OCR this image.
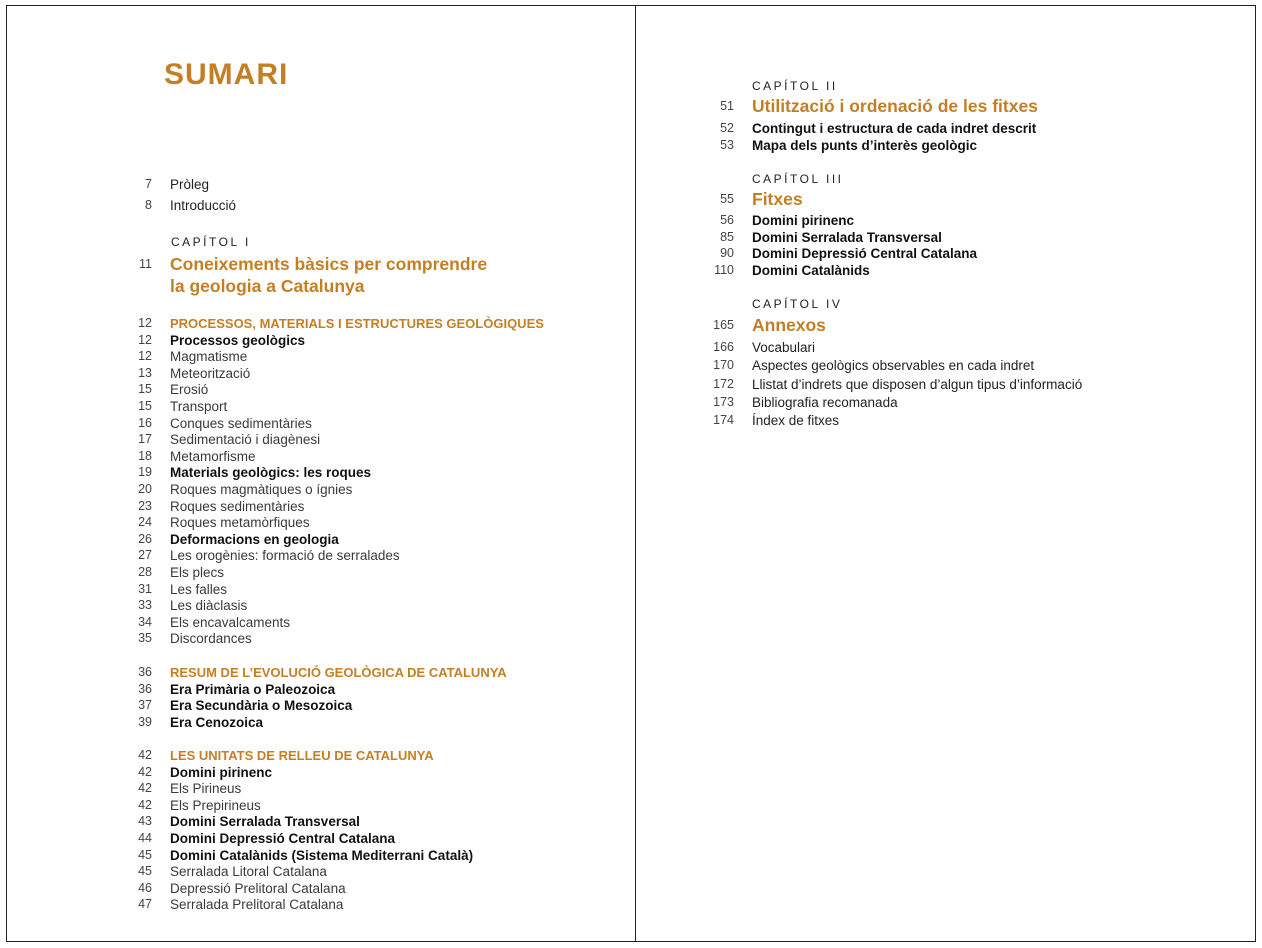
SUMARI
7 Pròleg
8 Introducció
CAPÍTOL I
11 Coneixements bàsics per comprendre
la geologia a Catalunya
12 PROCESSOS, MATERIALS I ESTRUCTURES GEOLÒGIQUES
12 Processos geològics
12 Magmatisme
13 Meteorització
15 Erosió
15 Transport
16 Conques sedimentàries
17 Sedimentació i diagènesi
18 Metamorfisme
19 Materials geològics: les roques
20 Roques magmàtiques o ígnies
23 Roques sedimentàries
24 Roques metamòrfiques
26 Deformacions en geologia
27 Les orogènies: formació de serralades
28 Els plecs
31 Les falles
33 Les diàclasis
34 Els encavalcaments
35 Discordances
36 RESUM DE L’EVOLUCIÓ GEOLÒGICA DE CATALUNYA
36 Era Primària o Paleozoica
37 Era Secundària o Mesozoica
39 Era Cenozoica
42 LES UNITATS DE RELLEU DE CATALUNYA
42 Domini pirinenc
42 Els Pirineus
42 Els Prepirineus
43 Domini Serralada Transversal
44 Domini Depressió Central Catalana
45 Domini Catalànids (Sistema Mediterrani Català)
45 Serralada Litoral Catalana
46 Depressió Prelitoral Catalana
47 Serralada Prelitoral Catalana
CAPÍTOL II
51 Utilització i ordenació de les fitxes
52 Contingut i estructura de cada indret descrit
53 Mapa dels punts d’interès geològic
CAPÍTOL III
55 Fitxes
56 Domini pirinenc
85 Domini Serralada Transversal
90 Domini Depressió Central Catalana
110 Domini Catalànids
CAPÍTOL IV
165 Annexos
166 Vocabulari
170 Aspectes geològics observables en cada indret
172 Llistat d’indrets que disposen d’algun tipus d’informació
173 Bibliografia recomanada
174 Índex de fitxes
